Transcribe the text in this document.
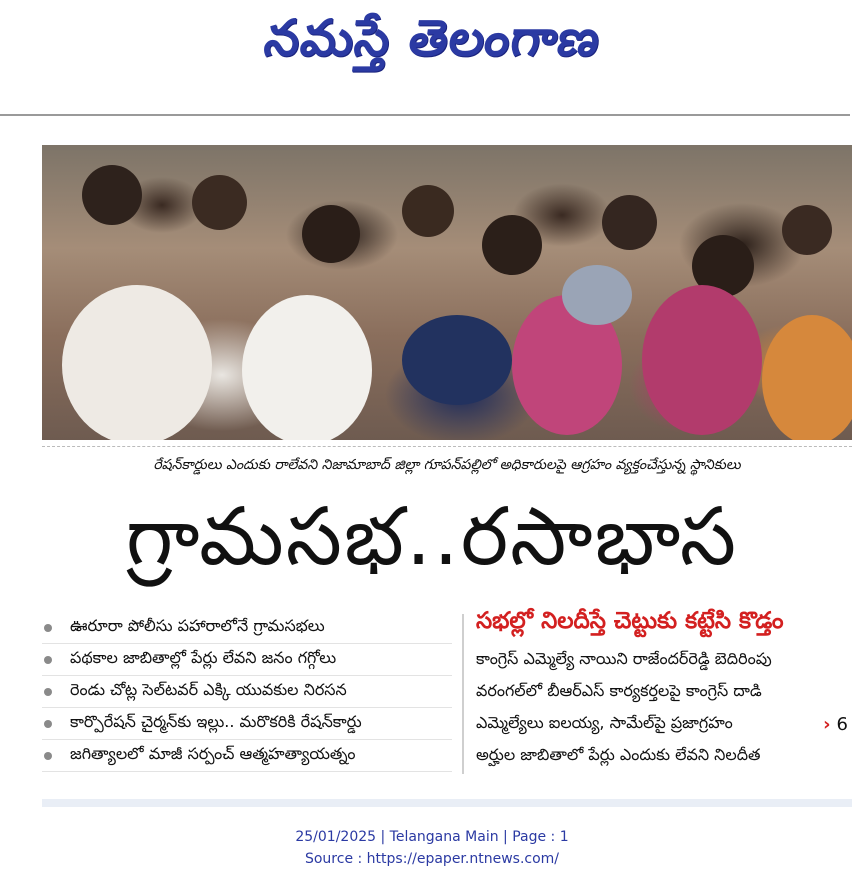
నమస్తే తెలంగాణ
రేషన్‌కార్డులు ఎందుకు రాలేవని నిజామాబాద్ జిల్లా గూపన్‌పల్లిలో అధికారులపై ఆగ్రహం వ్యక్తంచేస్తున్న స్థానికులు
గ్రామసభ..రసాభాస
ఊరూరా పోలీసు పహారాలోనే గ్రామసభలు
పథకాల జాబితాల్లో పేర్లు లేవని జనం గగ్గోలు
రెండు చోట్ల సెల్‌టవర్ ఎక్కి యువకుల నిరసన
కార్పొరేషన్ చైర్మన్‌కు ఇల్లు.. మరొకరికి రేషన్‌కార్డు
జగిత్యాలలో మాజీ సర్పంచ్ ఆత్మహత్యాయత్నం
సభల్లో నిలదీస్తే చెట్టుకు కట్టేసి కొడ్తం
కాంగ్రెస్ ఎమ్మెల్యే నాయిని రాజేందర్‌రెడ్డి బెదిరింపు
వరంగల్‌లో బీఆర్‌ఎస్ కార్యకర్తలపై కాంగ్రెస్ దాడి
ఎమ్మెల్యేలు ఐలయ్య, సామేల్‌పై ప్రజాగ్రహం	› 6
అర్హుల జాబితాలో పేర్లు ఎందుకు లేవని నిలదీత
25/01/2025 | Telangana Main | Page : 1
Source : https://epaper.ntnews.com/
